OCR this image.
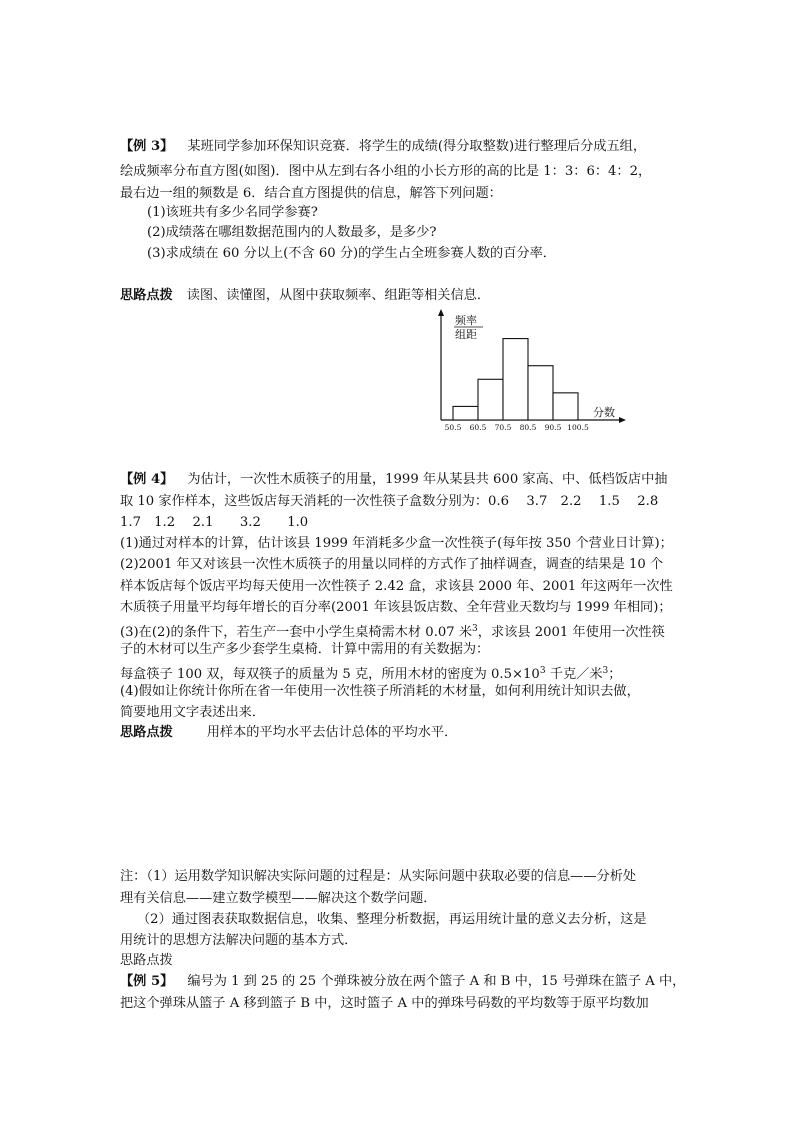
【例 3】 某班同学参加环保知识竞赛．将学生的成绩(得分取整数)进行整理后分成五组，
绘成频率分布直方图(如图)．图中从左到右各小组的小长方形的高的比是 1：3：6：4：2，
最右边一组的频数是 6．结合直方图提供的信息，解答下列问题：
(1)该班共有多少名同学参赛?
(2)成绩落在哪组数据范围内的人数最多，是多少?
(3)求成绩在 60 分以上(不含 60 分)的学生占全班参赛人数的百分率．
思路点拨 读图、读懂图，从图中获取频率、组距等相关信息．
频率
组距
分数
50.5 60.5 70.5 80.5 90.5 100.5
【例 4】 为估计，一次性木质筷子的用量，1999 年从某县共 600 家高、中、低档饭店中抽
取 10 家作样本，这些饭店每天消耗的一次性筷子盒数分别为：0.6　 3.7　2.2　 1.5　 2.8
1.7　1.2　 2.1　　3.2　　1.0
(1)通过对样本的计算，估计该县 1999 年消耗多少盒一次性筷子(每年按 350 个营业日计算)；
(2)2001 年又对该县一次性木质筷子的用量以同样的方式作了抽样调查，调查的结果是 10 个
样本饭店每个饭店平均每天使用一次性筷子 2.42 盒，求该县 2000 年、2001 年这两年一次性
木质筷子用量平均每年增长的百分率(2001 年该县饭店数、全年营业天数均与 1999 年相同)；
(3)在(2)的条件下，若生产一套中小学生桌椅需木材 0.07 米$^3$，求该县 2001 年使用一次性筷
子的木材可以生产多少套学生桌椅．计算中需用的有关数据为：
每盒筷子 100 双，每双筷子的质量为 5 克，所用木材的密度为 $0.5\times 10^3$ 千克／米$^3$；
(4)假如让你统计你所在省一年使用一次性筷子所消耗的木材量，如何利用统计知识去做，
简要地用文字表述出来．
思路点拨	用样本的平均水平去估计总体的平均水平．
注：（1）运用数学知识解决实际问题的过程是：从实际问题中获取必要的信息——分析处
理有关信息——建立数学模型——解决这个数学问题．
（2）通过图表获取数据信息，收集、整理分析数据，再运用统计量的意义去分析，这是
用统计的思想方法解决问题的基本方式．
思路点拨
【例 5】 编号为 1 到 25 的 25 个弹珠被分放在两个篮子 A 和 B 中，15 号弹珠在篮子 A 中，
把这个弹珠从篮子 A 移到篮子 B 中，这时篮子 A 中的弹珠号码数的平均数等于原平均数加
